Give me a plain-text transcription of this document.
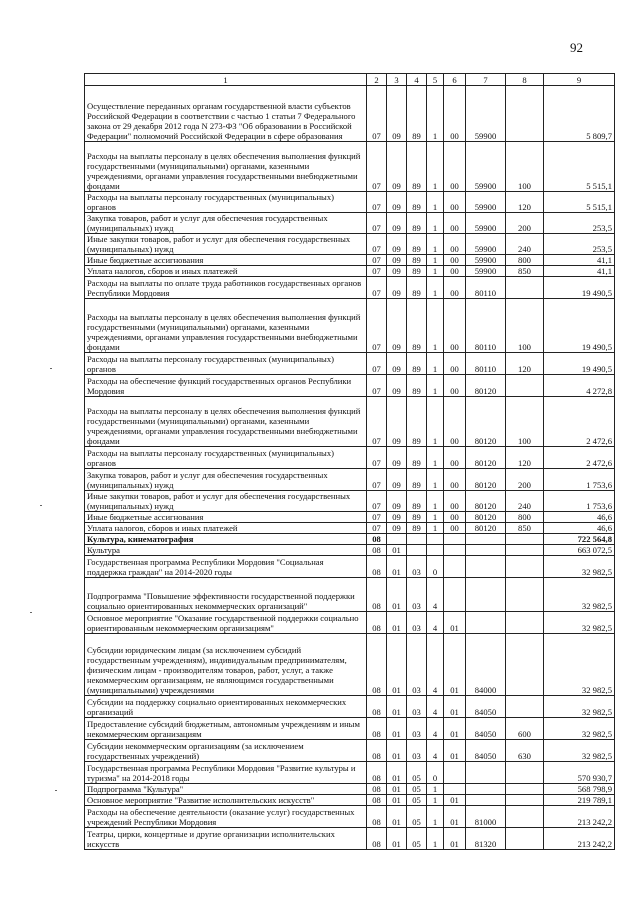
92
1	2	3	4	5	6	7	8	9
Осуществление переданных органам государственной власти субъектов Российской Федерации в соответствии с частью 1 статьи 7 Федерального закона от 29 декабря 2012 года N 273-ФЗ "Об образовании в Российской Федерации" полномочий Российской Федерации в сфере образования	07	09	89	1	00	59900		5 809,7
Расходы на выплаты персоналу в целях обеспечения выполнения функций государственными (муниципальными) органами, казенными учреждениями, органами управления государственными внебюджетными фондами	07	09	89	1	00	59900	100	5 515,1
Расходы на выплаты персоналу государственных (муниципальных) органов	07	09	89	1	00	59900	120	5 515,1
Закупка товаров, работ и услуг для обеспечения государственных (муниципальных) нужд	07	09	89	1	00	59900	200	253,5
Иные закупки товаров, работ и услуг для обеспечения государственных (муниципальных) нужд	07	09	89	1	00	59900	240	253,5
Иные бюджетные ассигнования	07	09	89	1	00	59900	800	41,1
Уплата налогов, сборов и иных платежей	07	09	89	1	00	59900	850	41,1
Расходы на выплаты по оплате труда работников государственных органов Республики Мордовия	07	09	89	1	00	80110		19 490,5
Расходы на выплаты персоналу в целях обеспечения выполнения функций государственными (муниципальными) органами, казенными учреждениями, органами управления государственными внебюджетными фондами	07	09	89	1	00	80110	100	19 490,5
Расходы на выплаты персоналу государственных (муниципальных) органов	07	09	89	1	00	80110	120	19 490,5
Расходы на обеспечение функций государственных органов Республики Мордовия	07	09	89	1	00	80120		4 272,8
Расходы на выплаты персоналу в целях обеспечения выполнения функций государственными (муниципальными) органами, казенными учреждениями, органами управления государственными внебюджетными фондами	07	09	89	1	00	80120	100	2 472,6
Расходы на выплаты персоналу государственных (муниципальных) органов	07	09	89	1	00	80120	120	2 472,6
Закупка товаров, работ и услуг для обеспечения государственных (муниципальных) нужд	07	09	89	1	00	80120	200	1 753,6
Иные закупки товаров, работ и услуг для обеспечения государственных (муниципальных) нужд	07	09	89	1	00	80120	240	1 753,6
Иные бюджетные ассигнования	07	09	89	1	00	80120	800	46,6
Уплата налогов, сборов и иных платежей	07	09	89	1	00	80120	850	46,6
Культура, кинематография	08							722 564,8
Культура	08	01						663 072,5
Государственная программа Республики Мордовия "Социальная поддержка граждан" на 2014-2020 годы	08	01	03	0				32 982,5
Подпрограмма "Повышение эффективности государственной поддержки социально ориентированных некоммерческих организаций"	08	01	03	4				32 982,5
Основное мероприятие "Оказание государственной поддержки социально ориентированным некоммерческим организациям"	08	01	03	4	01			32 982,5
Субсидии юридическим лицам (за исключением субсидий государственным учреждениям), индивидуальным предпринимателям, физическим лицам - производителям товаров, работ, услуг, а также некоммерческим организациям, не являющимся государственными (муниципальными) учреждениями	08	01	03	4	01	84000		32 982,5
Субсидии на поддержку социально ориентированных некоммерческих организаций	08	01	03	4	01	84050		32 982,5
Предоставление субсидий бюджетным, автономным учреждениям и иным некоммерческим организациям	08	01	03	4	01	84050	600	32 982,5
Субсидии некоммерческим организациям (за исключением государственных учреждений)	08	01	03	4	01	84050	630	32 982,5
Государственная программа Республики Мордовия "Развитие культуры и туризма" на 2014-2018 годы	08	01	05	0				570 930,7
Подпрограмма "Культура"	08	01	05	1				568 798,9
Основное мероприятие "Развитие исполнительских искусств"	08	01	05	1	01			219 789,1
Расходы на обеспечение деятельности (оказание услуг) государственных учреждений Республики Мордовия	08	01	05	1	01	81000		213 242,2
Театры, цирки, концертные и другие организации исполнительских искусств	08	01	05	1	01	81320		213 242,2
